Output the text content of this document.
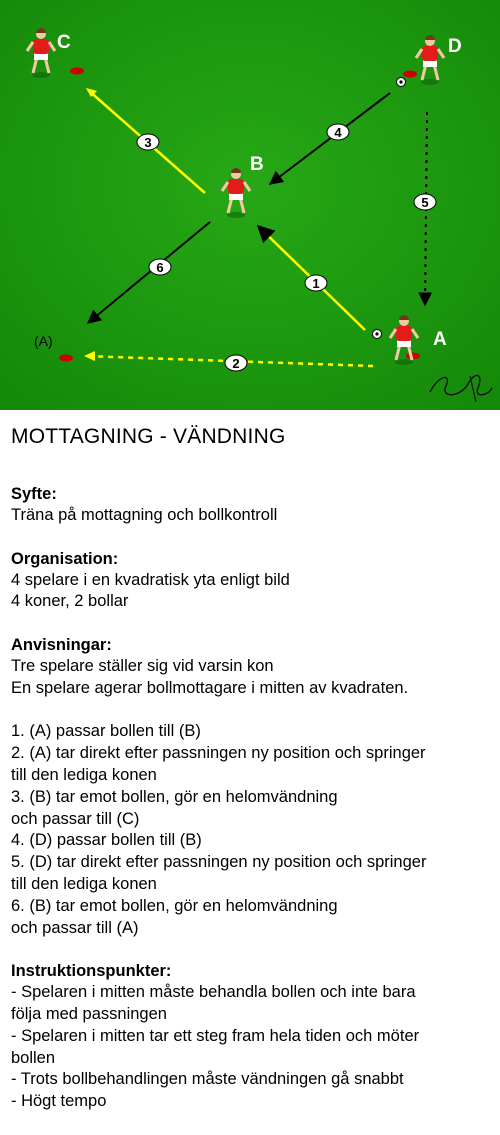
1
2
3
4
5
6
C	D
B
A
(A)
MOTTAGNING - VÄNDNING
Syfte:
Träna på mottagning och bollkontroll
Organisation:
4 spelare i en kvadratisk yta enligt bild
4 koner, 2 bollar
Anvisningar:
Tre spelare ställer sig vid varsin kon
En spelare agerar bollmottagare i mitten av kvadraten.
1. (A) passar bollen till (B)
2. (A) tar direkt efter passningen ny position och springer
till den lediga konen
3. (B) tar emot bollen, gör en helomvändning
och passar till (C)
4. (D) passar bollen till (B)
5. (D) tar direkt efter passningen ny position och springer
till den lediga konen
6. (B) tar emot bollen, gör en helomvändning
och passar till (A)
Instruktionspunkter:
- Spelaren i mitten måste behandla bollen och inte bara
följa med passningen
- Spelaren i mitten tar ett steg fram hela tiden och möter
bollen
- Trots bollbehandlingen måste vändningen gå snabbt
- Högt tempo
